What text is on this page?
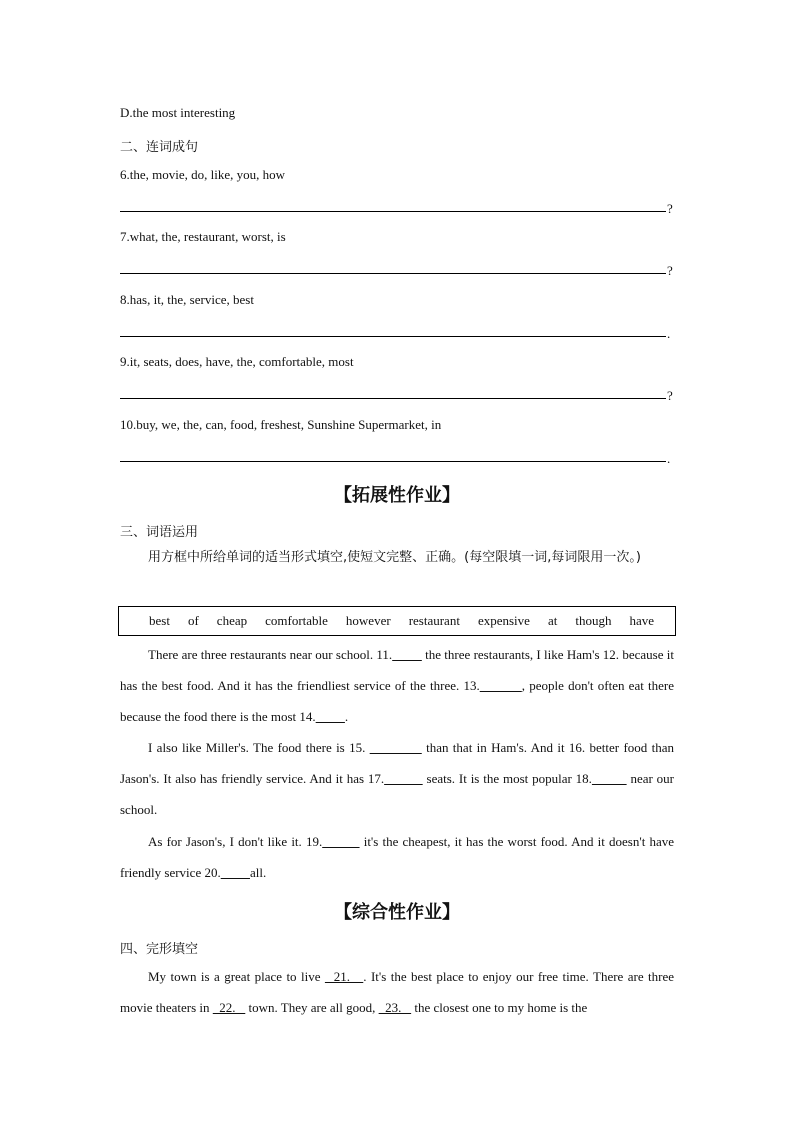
D.the most interesting
二、连词成句
6.the, movie, do, like, you, how
?
7.what, the, restaurant, worst, is
?
8.has, it, the, service, best
.
9.it, seats, does, have, the, comfortable, most
?
10.buy, we, the, can, food, freshest, Sunshine Supermarket, in
.
【拓展性作业】
三、词语运用
用方框中所给单词的适当形式填空,使短文完整、正确。(每空限填一词,每词限用一次。)
best of cheap comfortable however restaurant expensive at though have
There are three restaurants near our school. 11.          the three restaurants, I like Ham's 12. because it has the best food. And it has the friendliest service of the three. 13.	, people don't often eat there because the food there is the most 14. .
I also like Miller's. The food there is 15.	than that in Ham's. And it 16. better food than Jason's. It also has friendly service. And it has 17.	seats. It is the most popular 18.	near our school.
As for Jason's, I don't like it. 19.	it's the cheapest, it has the worst food. And it doesn't have friendly service 20. all.
【综合性作业】
四、完形填空
My town is a great place to live   21.   . It's the best place to enjoy our free time. There are three movie theaters in   22.    town. They are all good,   23.    the closest one to my home is the
